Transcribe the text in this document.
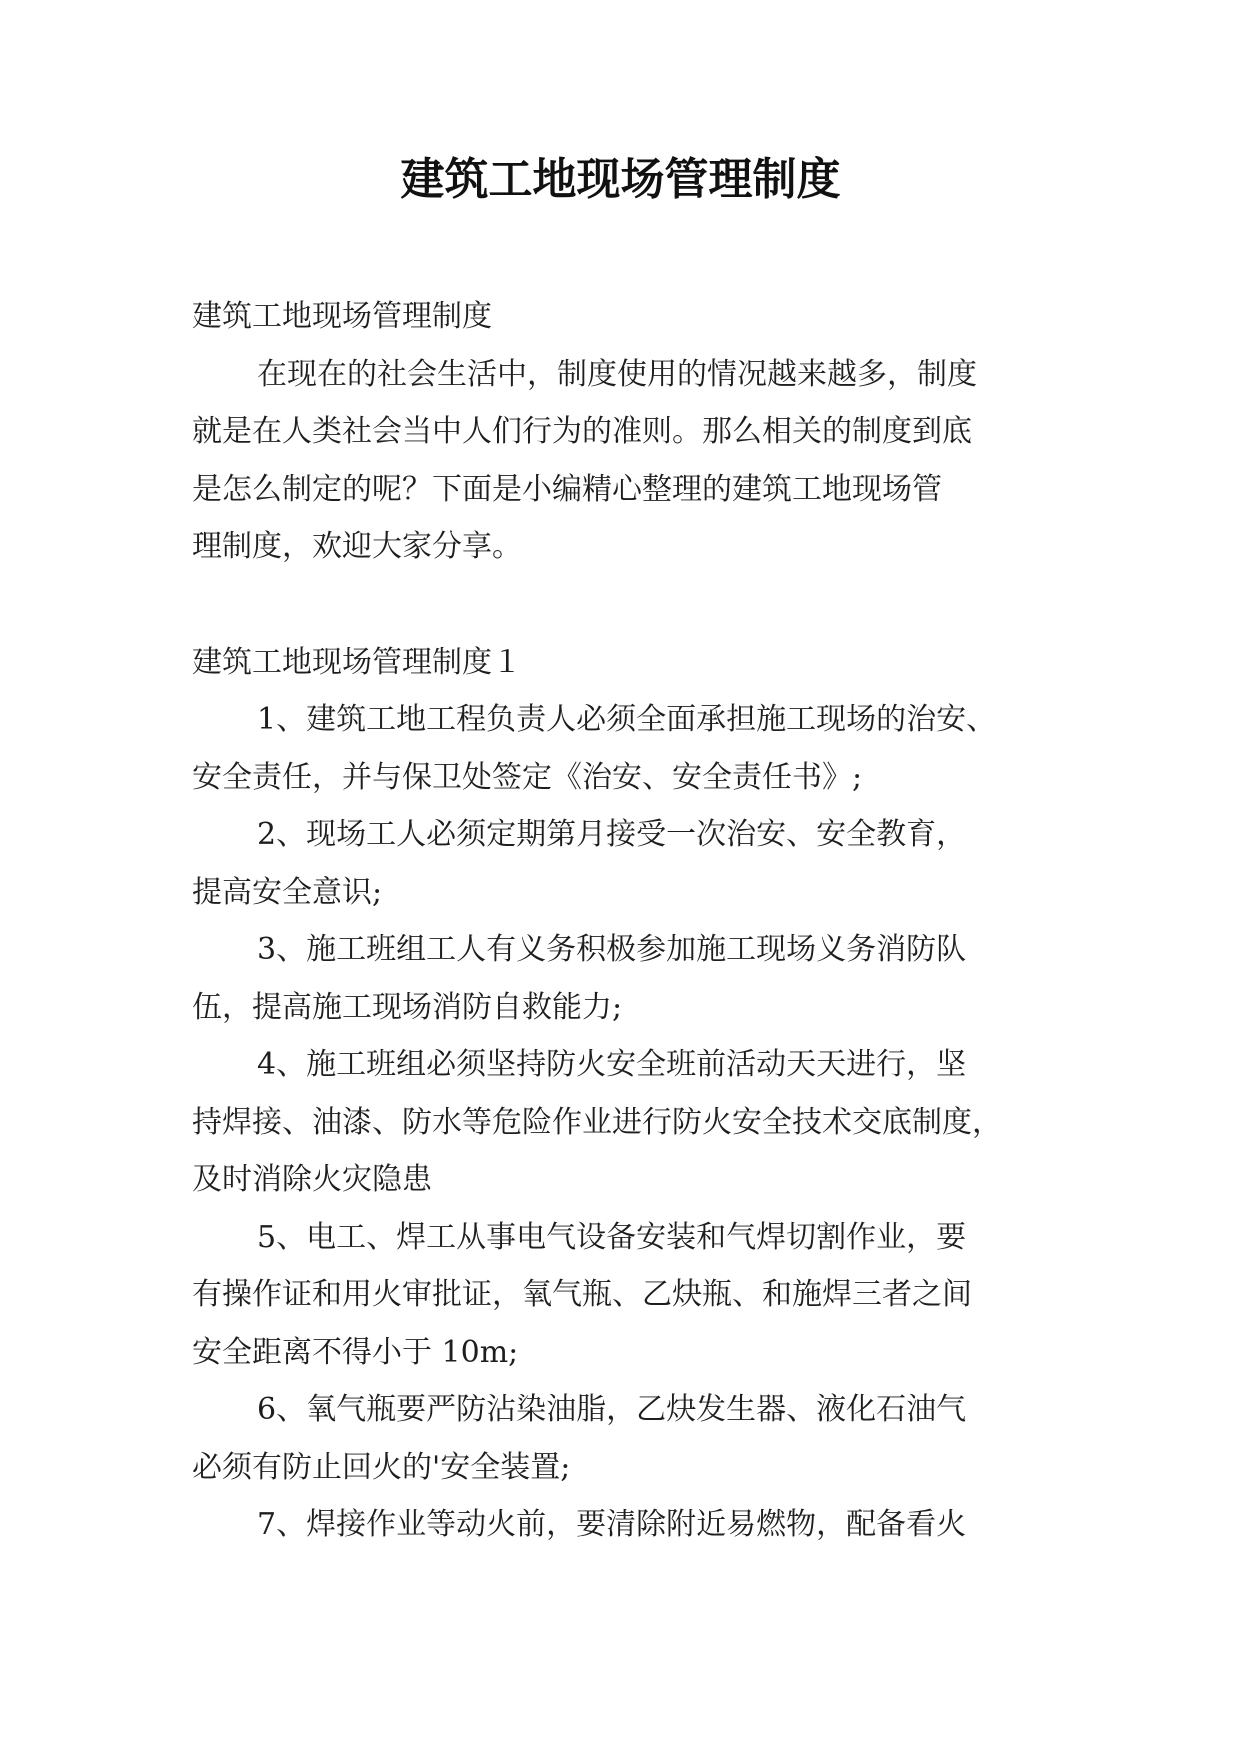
建筑工地现场管理制度

建筑工地现场管理制度

在现在的社会生活中，制度使用的情况越来越多，制度

就是在人类社会当中人们行为的准则。那么相关的制度到底

是怎么制定的呢？下面是小编精心整理的建筑工地现场管

理制度，欢迎大家分享。

建筑工地现场管理制度１

1、建筑工地工程负责人必须全面承担施工现场的治安、

安全责任，并与保卫处签定《治安、安全责任书》;

2、现场工人必须定期第月接受一次治安、安全教育，

提高安全意识;

3、施工班组工人有义务积极参加施工现场义务消防队

伍，提高施工现场消防自救能力;

4、施工班组必须坚持防火安全班前活动天天进行，坚

持焊接、油漆、防水等危险作业进行防火安全技术交底制度，

及时消除火灾隐患

5、电工、焊工从事电气设备安装和气焊切割作业，要

有操作证和用火审批证，氧气瓶、乙炔瓶、和施焊三者之间

安全距离不得小于 10m;

6、氧气瓶要严防沾染油脂，乙炔发生器、液化石油气

必须有防止回火的'安全装置;

7、焊接作业等动火前，要清除附近易燃物，配备看火
